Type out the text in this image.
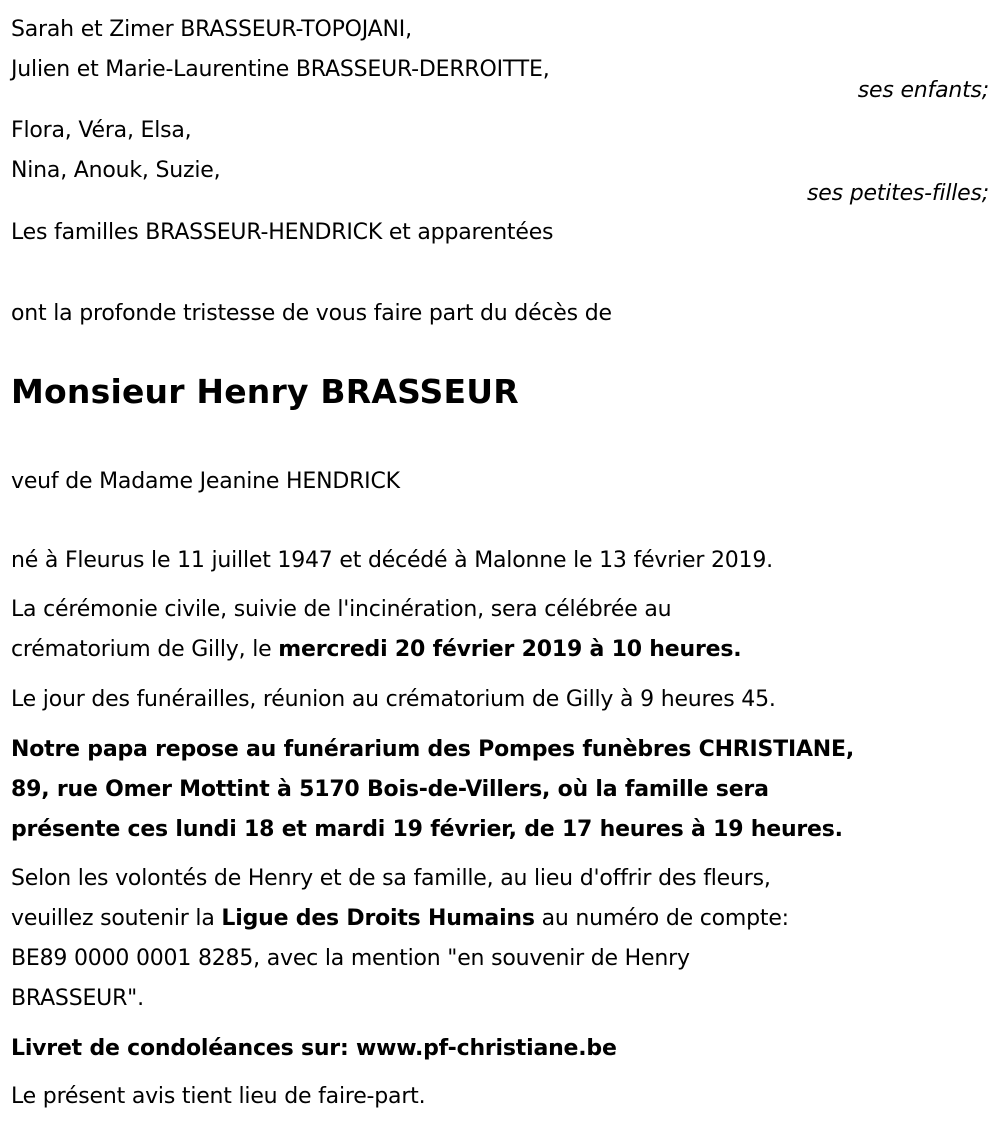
Sarah et Zimer BRASSEUR-TOPOJANI,
Julien et Marie-Laurentine BRASSEUR-DERROITTE,
ses enfants;
Flora, Véra, Elsa,
Nina, Anouk, Suzie,
ses petites-filles;
Les familles BRASSEUR-HENDRICK et apparentées
ont la profonde tristesse de vous faire part du décès de
Monsieur Henry BRASSEUR
veuf de Madame Jeanine HENDRICK
né à Fleurus le 11 juillet 1947 et décédé à Malonne le 13 février 2019.
La cérémonie civile, suivie de l'incinération, sera célébrée au
crématorium de Gilly, le mercredi 20 février 2019 à 10 heures.
Le jour des funérailles, réunion au crématorium de Gilly à 9 heures 45.
Notre papa repose au funérarium des Pompes funèbres CHRISTIANE,
89, rue Omer Mottint à 5170 Bois-de-Villers, où la famille sera
présente ces lundi 18 et mardi 19 février, de 17 heures à 19 heures.
Selon les volontés de Henry et de sa famille, au lieu d'offrir des fleurs,
veuillez soutenir la Ligue des Droits Humains au numéro de compte:
BE89 0000 0001 8285, avec la mention "en souvenir de Henry
BRASSEUR".
Livret de condoléances sur: www.pf-christiane.be
Le présent avis tient lieu de faire-part.
